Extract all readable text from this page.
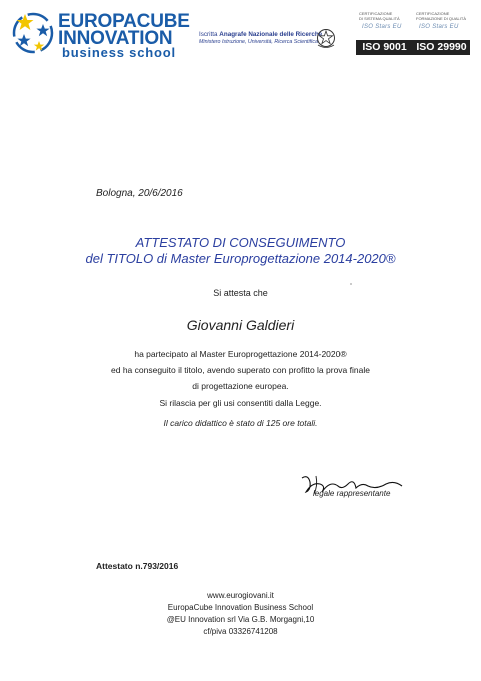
EUROPACUBE
INNOVATION
business school
Iscritta Anagrafe Nazionale delle Ricerche
Ministero Istruzione, Università, Ricerca Scientifica
CERTIFICAZIONE
DI SISTEMA QUALITÀ
ISO Stars EU
ISO 9001
CERTIFICAZIONE
FORMAZIONE DI QUALITÀ
ISO Stars EU
ISO 29990
Bologna, 20/6/2016
ATTESTATO DI CONSEGUIMENTO
del TITOLO di Master Europrogettazione 2014-2020®
Si attesta che
Giovanni Galdieri
ha partecipato al Master Europrogettazione 2014-2020®
ed ha conseguito il titolo, avendo superato con profitto la prova finale
di progettazione europea.
Si rilascia per gli usi consentiti dalla Legge.
Il carico didattico è stato di 125 ore totali.
legale rappresentante
Attestato n.793/2016
www.eurogiovani.it
EuropaCube Innovation Business School
@EU Innovation srl Via G.B. Morgagni,10
cf/piva 03326741208
